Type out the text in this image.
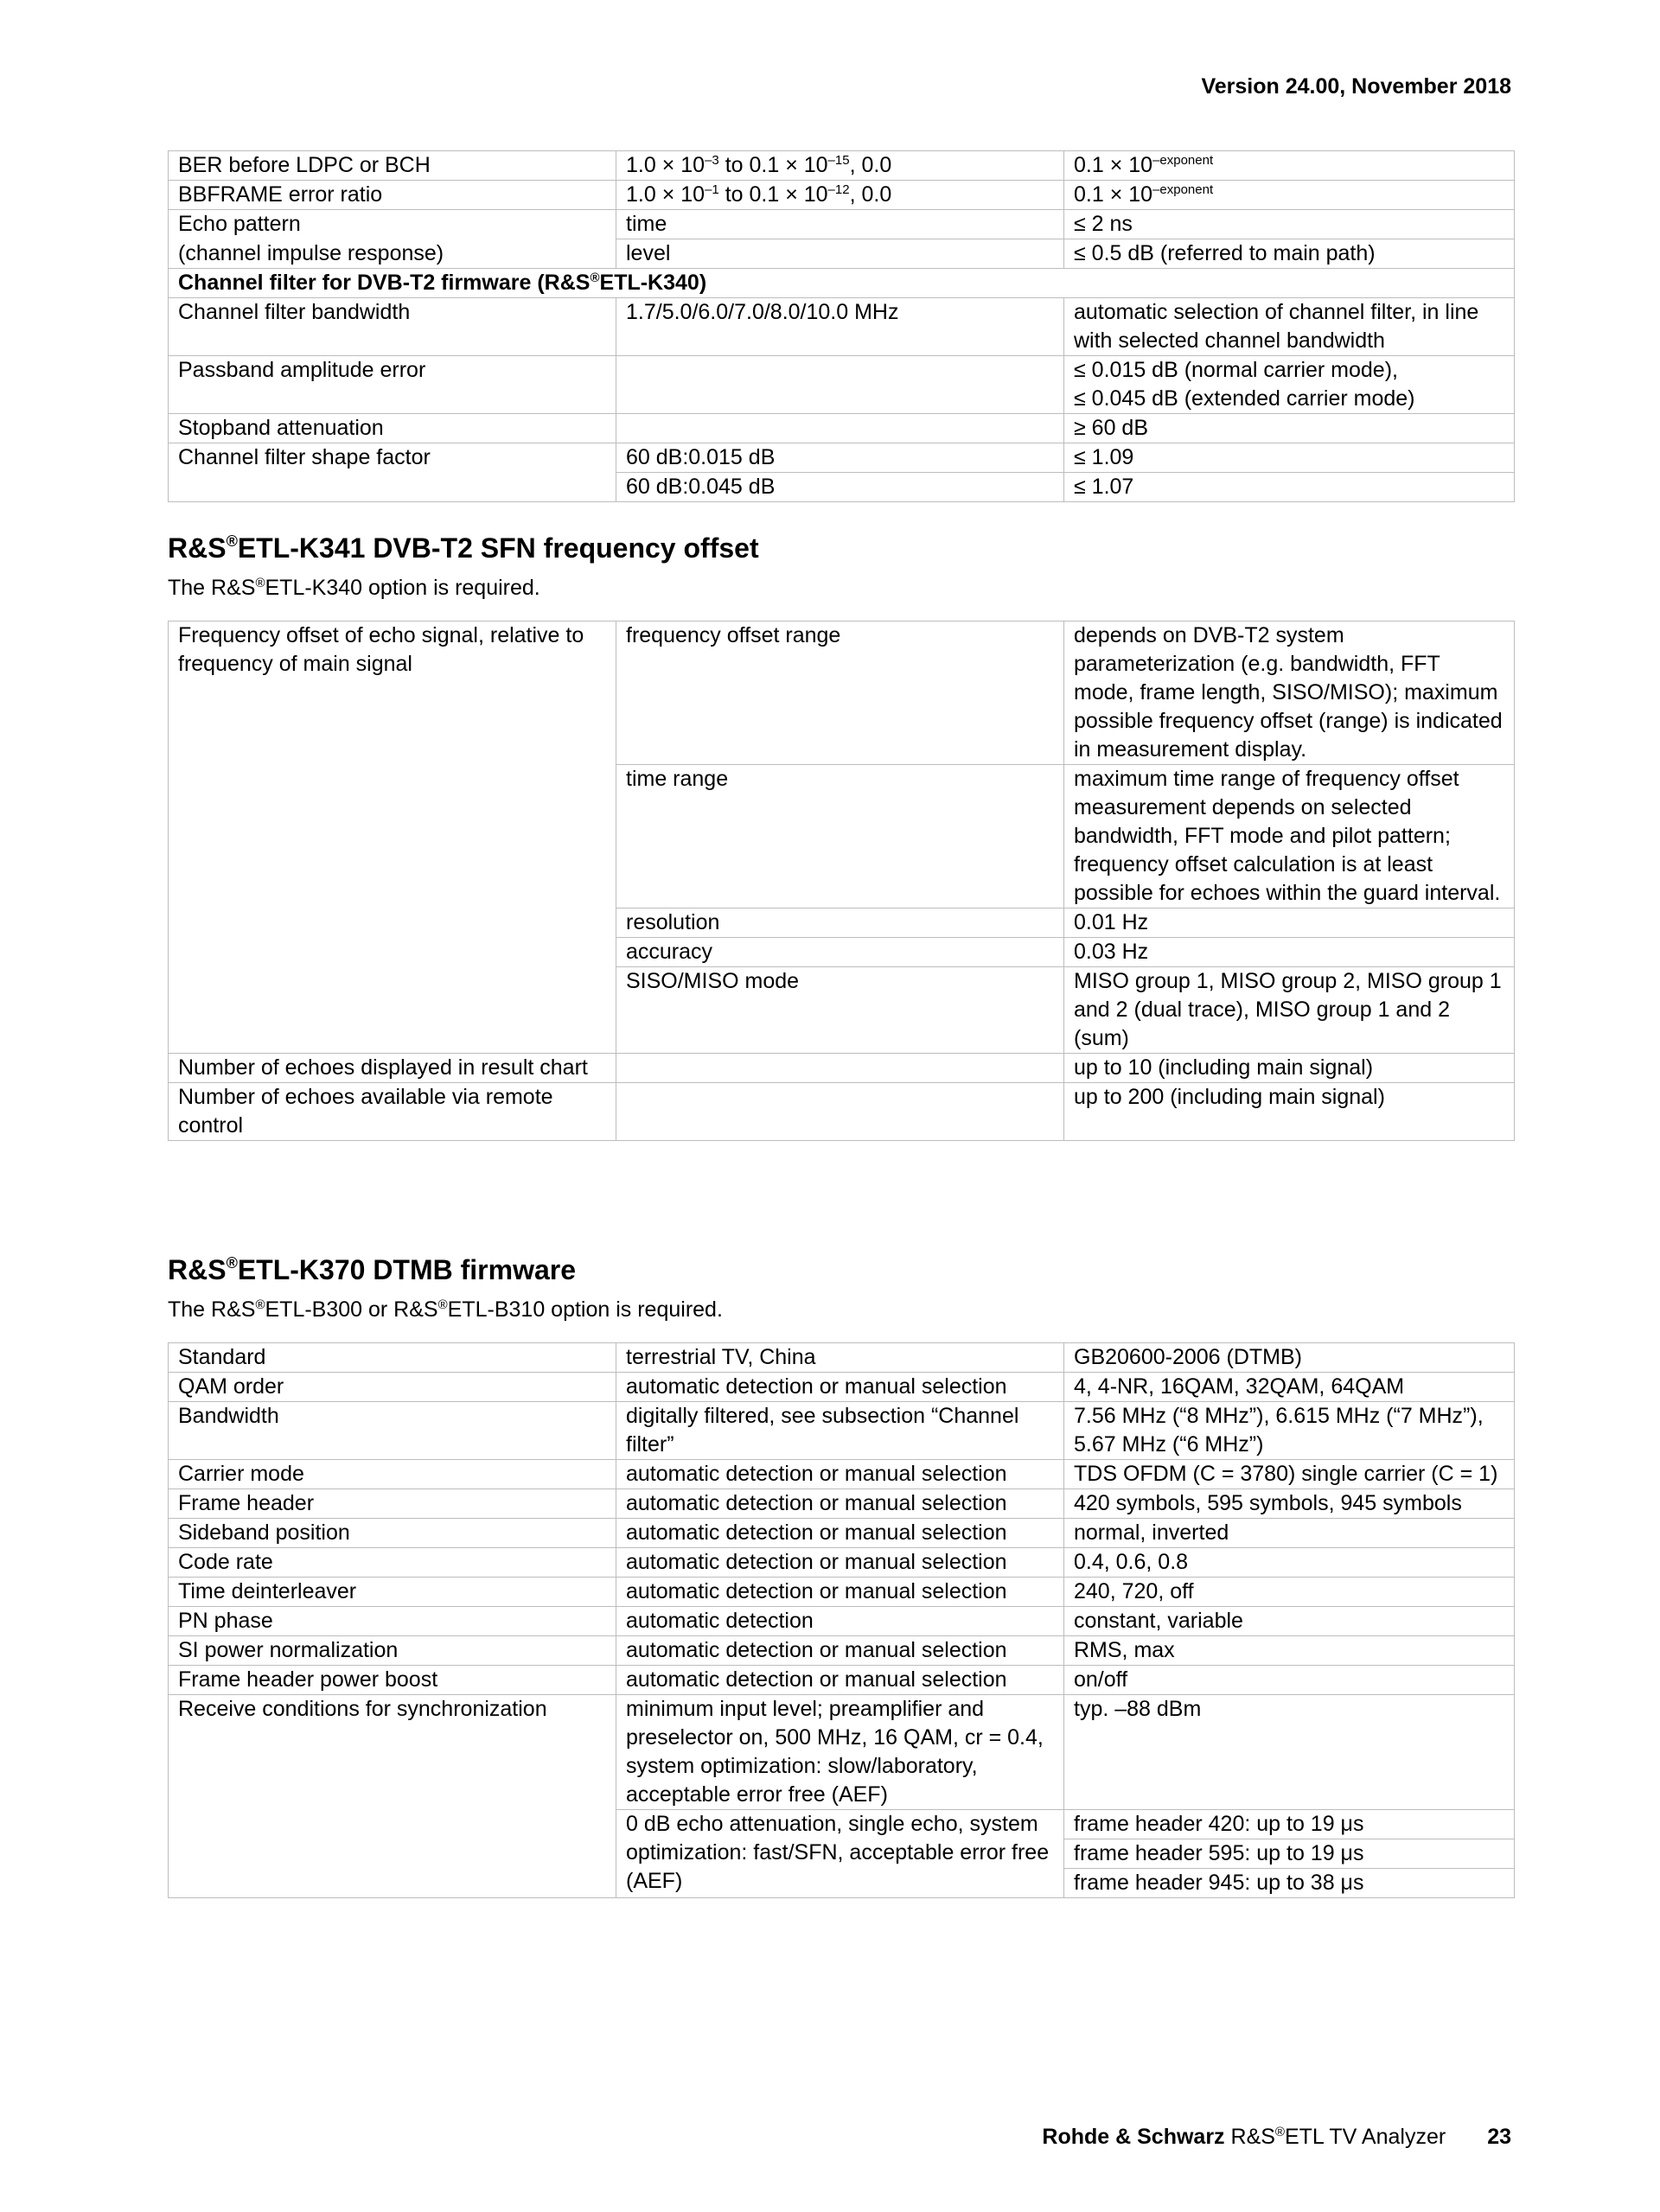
Version 24.00, November 2018
BER before LDPC or BCH	$1.0 \times 10^{-3}$ to $0.1 \times 10^{-15}$, 0.0	$0.1 \times 10^{-exponent}$
BBFRAME error ratio	$1.0 \times 10^{-1}$ to $0.1 \times 10^{-12}$, 0.0	$0.1 \times 10^{-exponent}$
Echo pattern	time	≤ 2 ns
(channel impulse response)	level	≤ 0.5 dB (referred to main path)
Channel filter for DVB-T2 firmware (R&S®ETL-K340)		
Channel filter bandwidth	1.7/5.0/6.0/7.0/8.0/10.0 MHz	automatic selection of channel filter, in line with selected channel bandwidth
Passband amplitude error		≤ 0.015 dB (normal carrier mode),
≤ 0.045 dB (extended carrier mode)

Stopband attenuation		≥ 60 dB
Channel filter shape factor	60 dB:0.015 dB	≤ 1.09
	60 dB:0.045 dB	≤ 1.07
R&S®ETL-K341 DVB-T2 SFN frequency offset
The R&S®ETL-K340 option is required.
Frequency offset of echo signal, relative to frequency of main signal	frequency offset range	depends on DVB-T2 system parameterization (e.g. bandwidth, FFT mode, frame length, SISO/MISO); maximum possible frequency offset (range) is indicated in measurement display.
	time range	maximum time range of frequency offset measurement depends on selected bandwidth, FFT mode and pilot pattern; frequency offset calculation is at least possible for echoes within the guard interval.
	resolution	0.01 Hz
	accuracy	0.03 Hz
	SISO/MISO mode	MISO group 1, MISO group 2, MISO group 1 and 2 (dual trace), MISO group 1 and 2 (sum)
Number of echoes displayed in result chart		up to 10 (including main signal)
Number of echoes available via remote control		up to 200 (including main signal)
R&S®ETL-K370 DTMB firmware
The R&S®ETL-B300 or R&S®ETL-B310 option is required.
Standard	terrestrial TV, China	GB20600-2006 (DTMB)
QAM order	automatic detection or manual selection	4, 4-NR, 16QAM, 32QAM, 64QAM
Bandwidth	digitally filtered, see subsection “Channel filter”	7.56 MHz (“8 MHz”), 6.615 MHz (“7 MHz”), 5.67 MHz (“6 MHz”)
Carrier mode	automatic detection or manual selection	TDS OFDM (C = 3780) single carrier (C = 1)
Frame header	automatic detection or manual selection	420 symbols, 595 symbols, 945 symbols
Sideband position	automatic detection or manual selection	normal, inverted
Code rate	automatic detection or manual selection	0.4, 0.6, 0.8
Time deinterleaver	automatic detection or manual selection	240, 720, off
PN phase	automatic detection	constant, variable
SI power normalization	automatic detection or manual selection	RMS, max
Frame header power boost	automatic detection or manual selection	on/off
Receive conditions for synchronization	minimum input level; preamplifier and preselector on, 500 MHz, 16 QAM, cr = 0.4, system optimization: slow/laboratory, acceptable error free (AEF)	typ. –88 dBm
	0 dB echo attenuation, single echo, system optimization: fast/SFN, acceptable error free (AEF)	frame header 420: up to 19 μs
		frame header 595: up to 19 μs
		frame header 945: up to 38 μs
Rohde & Schwarz R&S®ETL TV Analyzer 23
